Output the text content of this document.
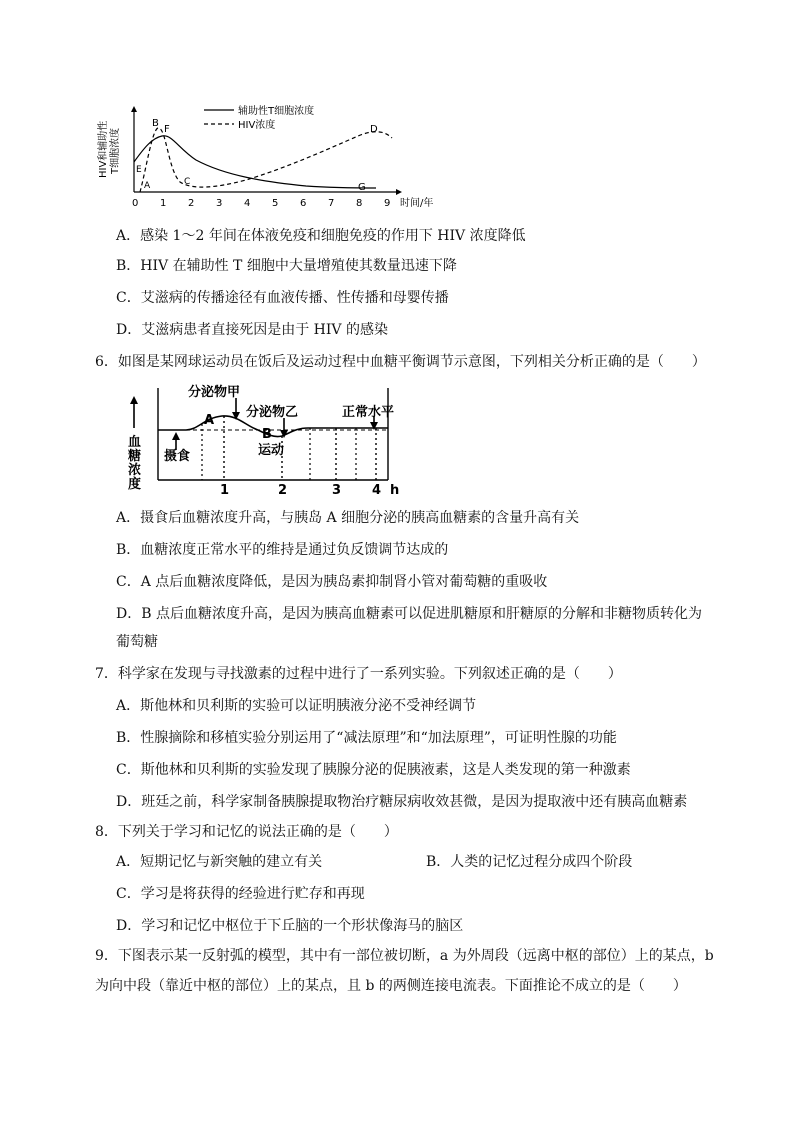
HIV和辅助性 T细胞浓度
辅助性T细胞浓度
HIV浓度
A
B
C
D
E
F
G
0 1 2 3 4 5 6 7 8 9 时间/年
A．感染 1～2 年间在体液免疫和细胞免疫的作用下 HIV 浓度降低
B．HIV 在辅助性 T 细胞中大量增殖使其数量迅速下降
C．艾滋病的传播途径有血液传播、性传播和母婴传播
D．艾滋病患者直接死因是由于 HIV 的感染
6．如图是某网球运动员在饭后及运动过程中血糖平衡调节示意图，下列相关分析正确的是（　　）
血
糖
浓
度
分泌物甲
分泌物乙	正常水平
A
B
摄食	运动
1	2	3 4 h
A．摄食后血糖浓度升高，与胰岛 A 细胞分泌的胰高血糖素的含量升高有关
B．血糖浓度正常水平的维持是通过负反馈调节达成的
C．A 点后血糖浓度降低，是因为胰岛素抑制肾小管对葡萄糖的重吸收
D．B 点后血糖浓度升高，是因为胰高血糖素可以促进肌糖原和肝糖原的分解和非糖物质转化为
葡萄糖
7．科学家在发现与寻找激素的过程中进行了一系列实验。下列叙述正确的是（　　）
A．斯他林和贝利斯的实验可以证明胰液分泌不受神经调节
B．性腺摘除和移植实验分别运用了“减法原理”和“加法原理”，可证明性腺的功能
C．斯他林和贝利斯的实验发现了胰腺分泌的促胰液素，这是人类发现的第一种激素
D．班廷之前，科学家制备胰腺提取物治疗糖尿病收效甚微，是因为提取液中还有胰高血糖素
8．下列关于学习和记忆的说法正确的是（　　）
A．短期记忆与新突触的建立有关	B．人类的记忆过程分成四个阶段
C．学习是将获得的经验进行贮存和再现
D．学习和记忆中枢位于下丘脑的一个形状像海马的脑区
9．下图表示某一反射弧的模型，其中有一部位被切断，a 为外周段（远离中枢的部位）上的某点，b
为向中段（靠近中枢的部位）上的某点，且 b 的两侧连接电流表。下面推论不成立的是（　　）
